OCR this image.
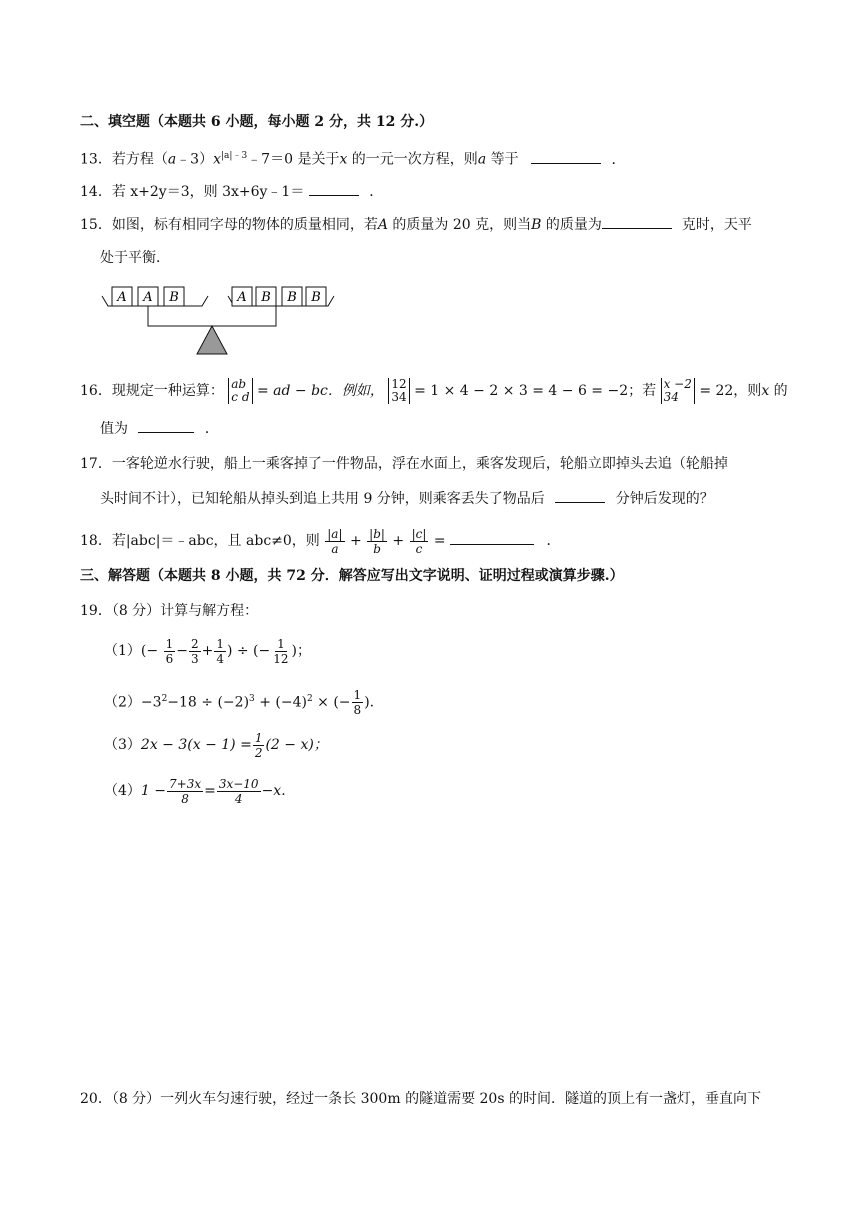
二、填空题（本题共 6 小题，每小题 2 分，共 12 分.）
13．若方程$(a﹣3)x^{|a|﹣3}﹣7=0$ 是关于x 的一元一次方程，则a 等于	．
14．若 x+2y＝3，则 3x+6y﹣1＝	．
15．如图，标有相同字母的物体的质量相同，若A 的质量为 20 克，则当B 的质量为	克时，天平
处于平衡．
A A B	A B B B
16．现规定一种运算： ab
c d = ad − bc．例如， 12
34 = 1 × 4 − 2 × 3 = 4 − 6 = −2；若 x −2
34	= 22，则x 的
值为	．
17．一客轮逆水行驶，船上一乘客掉了一件物品，浮在水面上，乘客发现后，轮船立即掉头去追（轮船掉
头时间不计），已知轮船从掉头到追上共用 9 分钟，则乘客丢失了物品后	分钟后发现的？
18．若|abc|＝﹣abc，且 abc≠0，则 $\frac{|a|}{a} + \frac{|b|}{b} + \frac{|c|}{c}$ =	．
三、解答题（本题共 8 小题，共 72 分．解答应写出文字说明、证明过程或演算步骤.）
19．（8 分）计算与解方程：
$(1)(- \frac{1}{6} - \frac{2}{3} + \frac{1}{4}$ ) ÷ (− $\frac{1}{12}$ )；
$(2)-3^2-18 \div (-2)^3 + (-4)^2$ × (− $\frac{1}{8}$ ).
$(3)2x - 3(x - 1) = \frac{1}{2} (2 - x)$；
$(4)1 - \frac{7+3x}{8} = \frac{3x-10}{4} -x$.
20．（8 分）一列火车匀速行驶，经过一条长 300m 的隧道需要 20s 的时间．隧道的顶上有一盏灯，垂直向下
